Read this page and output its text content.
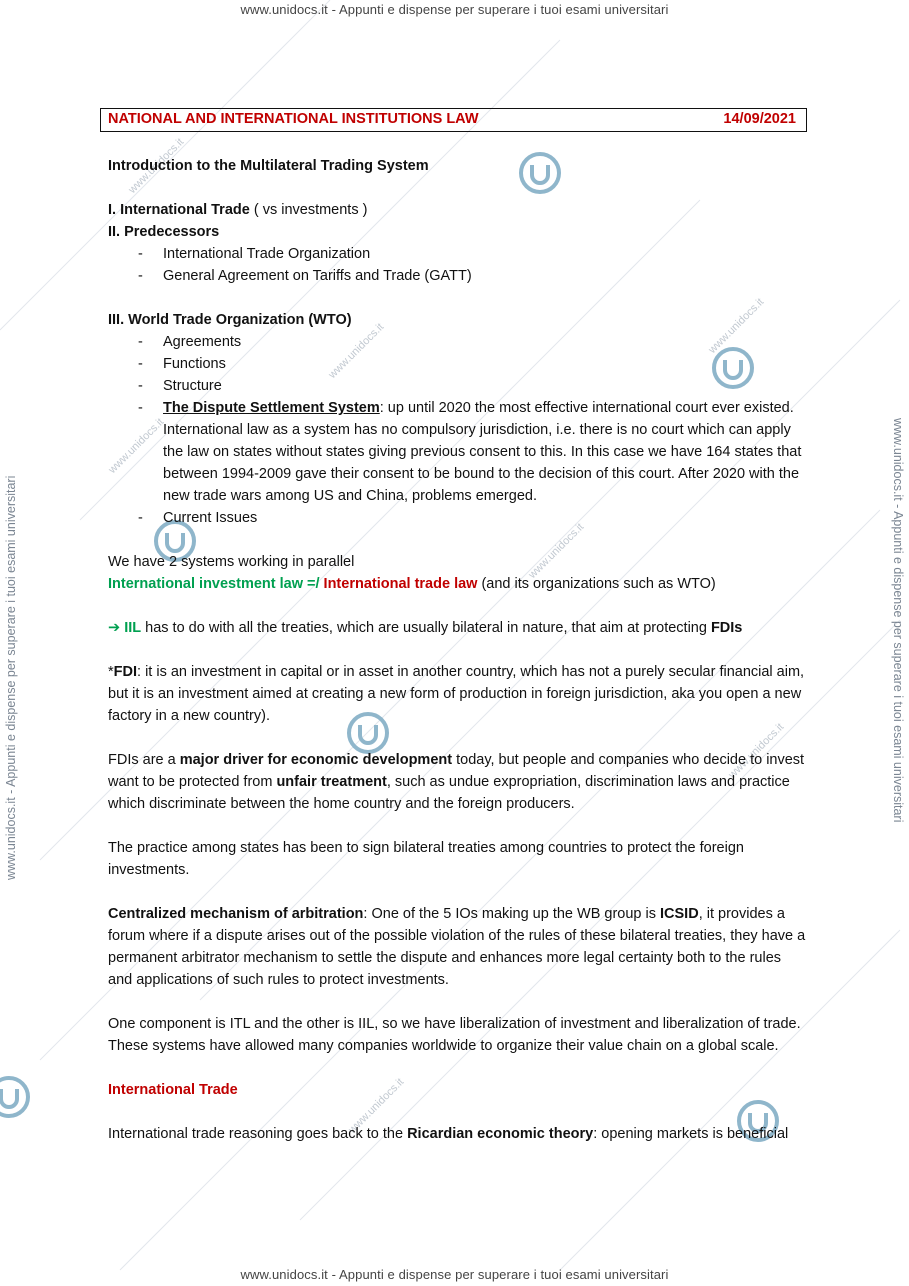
www.unidocs.it
www.unidocs.it
www.unidocs.it
www.unidocs.it
www.unidocs.it
www.unidocs.it
www.unidocs.it
www.unidocs.it - Appunti e dispense per superare i tuoi esami universitari
www.unidocs.it - Appunti e dispense per superare i tuoi esami universitari
www.unidocs.it - Appunti e dispense per superare i tuoi esami universitari	www.unidocs.it - Appunti e dispense per superare i tuoi esami universitari
NATIONAL AND INTERNATIONAL INSTITUTIONS LAW	14/09/2021

Introduction to the Multilateral Trading System

I. International Trade ( vs investments )

II. Predecessors

- International Trade Organization
- General Agreement on Tariffs and Trade (GATT)

III. World Trade Organization (WTO)

- Agreements
- Functions
- Structure
- The Dispute Settlement System: up until 2020 the most effective international court ever existed. International law as a system has no compulsory jurisdiction, i.e. there is no court which can apply the law on states without states giving previous consent to this. In this case we have 164 states that between 1994-2009 gave their consent to be bound to the decision of this court. After 2020 with the new trade wars among US and China, problems emerged.
- Current Issues

We have 2 systems working in parallel

International investment law =/ International trade law (and its organizations such as WTO)

➔ IIL has to do with all the treaties, which are usually bilateral in nature, that aim at protecting FDIs

*FDI: it is an investment in capital or in asset in another country, which has not a purely secular financial aim, but it is an investment aimed at creating a new form of production in foreign jurisdiction, aka you open a new factory in a new country).

FDIs are a major driver for economic development today, but people and companies who decide to invest want to be protected from unfair treatment, such as undue expropriation, discrimination laws and practice which discriminate between the home country and the foreign producers.

The practice among states has been to sign bilateral treaties among countries to protect the foreign investments.

Centralized mechanism of arbitration: One of the 5 IOs making up the WB group is ICSID, it provides a forum where if a dispute arises out of the possible violation of the rules of these bilateral treaties, they have a permanent arbitrator mechanism to settle the dispute and enhances more legal certainty both to the rules and applications of such rules to protect investments.

One component is ITL and the other is IIL, so we have liberalization of investment and liberalization of trade. These systems have allowed many companies worldwide to organize their value chain on a global scale.

International Trade

International trade reasoning goes back to the Ricardian economic theory: opening markets is beneficial
